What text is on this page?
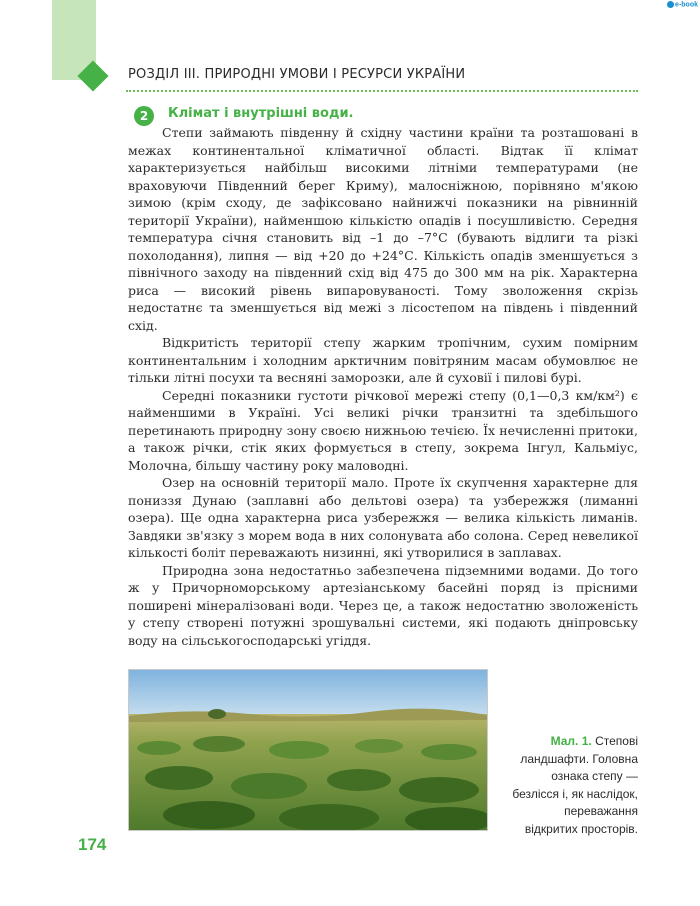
e-book
РОЗДІЛ ІІІ. ПРИРОДНІ УМОВИ І РЕСУРСИ УКРАЇНИ
2	Клімат і внутрішні води.

Степи займають південну й східну частини країни та розташовані в межах континентальної кліматичної області. Відтак її клімат характеризується найбільш високими літніми температурами (не враховуючи Південний берег Криму), малосніжною, порівняно м'якою зимою (крім сходу, де зафіксовано найнижчі показники на рівнинній території України), найменшою кількістю опадів і посушливістю. Середня температура січня становить від –1 до –7°С (бувають відлиги та різкі похолодання), липня — від +20 до +24°С. Кількість опадів зменшується з північного заходу на південний схід від 475 до 300 мм на рік. Характерна риса — високий рівень випаровуваності. Тому зволоження скрізь недостатнє та зменшується від межі з лісостепом на південь і південний схід.

Відкритість території степу жарким тропічним, сухим помірним континентальним і холодним арктичним повітряним масам обумовлює не тільки літні посухи та весняні заморозки, але й суховії і пилові бурі.

Середні показники густоти річкової мережі степу (0,1—0,3 км/км²) є найменшими в Україні. Усі великі річки транзитні та здебільшого перетинають природну зону своєю нижньою течією. Їх нечисленні притоки, а також річки, стік яких формується в степу, зокрема Інгул, Кальміус, Молочна, більшу частину року маловодні.

Озер на основній території мало. Проте їх скупчення характерне для пониззя Дунаю (заплавні або дельтові озера) та узбережжя (лиманні озера). Ще одна характерна риса узбережжя — велика кількість лиманів. Завдяки зв'язку з морем вода в них солонувата або солона. Серед невеликої кількості боліт переважають низинні, які утворилися в заплавах.

Природна зона недостатньо забезпечена підземними водами. До того ж у Причорноморському артезіанському басейні поряд із прісними поширені мінералізовані води. Через це, а також недостатню зволоженість у степу створені потужні зрошувальні системи, які подають дніпровську воду на сільськогосподарські угіддя.

Мал. 1. Степові ландшафти. Головна ознака степу — безлісся і, як наслідок, переважання відкритих просторів.
174
